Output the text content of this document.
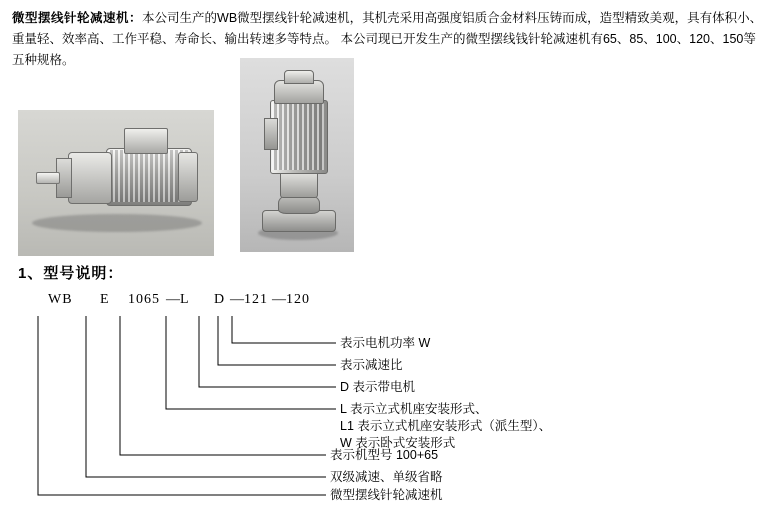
$^{微型摆线针轮减速机:}$本公司生产的WB微型摆线针轮减速机，其机壳采用高强度铝质合金材料压铸而成，造型精致美观，具有体积小、重量轻、效率高、工作平稳、寿命长、输出转速多等特点。 本公司现已开发生产的微型摆线钱针轮减速机有65、85、100、120、150等五种规格。
1、型号说明：
WB E 1065 — L D — 121 — 120
表示电机功率 W
表示减速比
D 表示带电机
L 表示立式机座安装形式、
L1 表示立式机座安装形式（派生型）、
W 表示卧式安装形式
表示机型号 100+65
双级减速、单级省略
微型摆线针轮减速机
